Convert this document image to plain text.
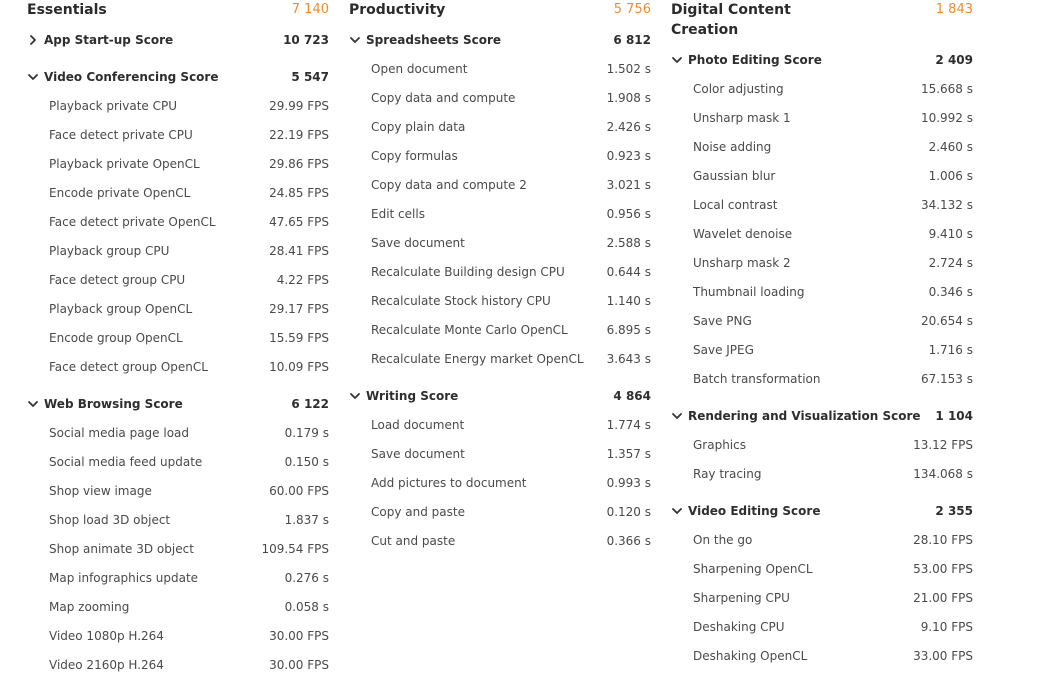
Essentials	7 140
App Start-up Score	10 723
Video Conferencing Score	5 547
Playback private CPU	29.99 FPS
Face detect private CPU	22.19 FPS
Playback private OpenCL	29.86 FPS
Encode private OpenCL	24.85 FPS
Face detect private OpenCL	47.65 FPS
Playback group CPU	28.41 FPS
Face detect group CPU	4.22 FPS
Playback group OpenCL	29.17 FPS
Encode group OpenCL	15.59 FPS
Face detect group OpenCL	10.09 FPS
Web Browsing Score	6 122
Social media page load	0.179 s
Social media feed update	0.150 s
Shop view image	60.00 FPS
Shop load 3D object	1.837 s
Shop animate 3D object	109.54 FPS
Map infographics update	0.276 s
Map zooming	0.058 s
Video 1080p H.264	30.00 FPS
Video 2160p H.264	30.00 FPS
Productivity	5 756
Spreadsheets Score	6 812
Open document	1.502 s
Copy data and compute	1.908 s
Copy plain data	2.426 s
Copy formulas	0.923 s
Copy data and compute 2	3.021 s
Edit cells	0.956 s
Save document	2.588 s
Recalculate Building design CPU	0.644 s
Recalculate Stock history CPU	1.140 s
Recalculate Monte Carlo OpenCL	6.895 s
Recalculate Energy market OpenCL 3.643 s
Writing Score	4 864
Load document	1.774 s
Save document	1.357 s
Add pictures to document	0.993 s
Copy and paste	0.120 s
Cut and paste	0.366 s
Digital Content Creation
1 843
Photo Editing Score	2 409
Color adjusting	15.668 s
Unsharp mask 1	10.992 s
Noise adding	2.460 s
Gaussian blur	1.006 s
Local contrast	34.132 s
Wavelet denoise	9.410 s
Unsharp mask 2	2.724 s
Thumbnail loading	0.346 s
Save PNG	20.654 s
Save JPEG	1.716 s
Batch transformation	67.153 s
Rendering and Visualization Score 1 104
Graphics	13.12 FPS
Ray tracing	134.068 s
Video Editing Score	2 355
On the go	28.10 FPS
Sharpening OpenCL	53.00 FPS
Sharpening CPU	21.00 FPS
Deshaking CPU	9.10 FPS
Deshaking OpenCL	33.00 FPS
